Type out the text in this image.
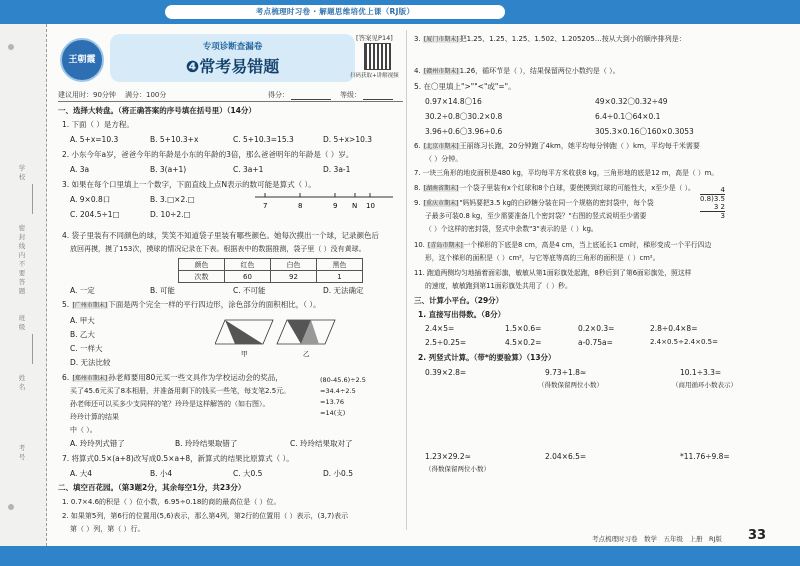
考点梳理时习卷 · 解题思维培优上课（RJ版）
学校
密封线内不要答题
班级
姓名
考号
王朝霞
专项诊断查漏卷
❹常考易错题
[答案见P14]
扫码获取+讲解视频
建议用时：90分钟 满分：100分	得分：	等级：
一、选择大转盘。（将正确答案的序号填在括号里）（14分）
1. 下面（ ）是方程。
A. 5+x=10.3	B. 5+10.3+x	C. 5+10.3=15.3	D. 5+x>10.3
2. 小东今年a岁，爸爸今年的年龄是小东的年龄的3倍，那么爸爸明年的年龄是（ ）岁。
A. 3a	B. 3(a+1)	C. 3a+1	D. 3a-1
3. 如果在每个口里填上一个数字，下面直线上点N表示的数可能是算式（ ）。
7	8	9 N 10
A. 9×0.8口	B. 3.□×2.□
C. 204.5÷1□	D. 10÷2.□
4. 袋子里装有不同颜色的球，笑笑不知道袋子里装有哪些颜色。她每次摸出一个球，记录颜色后
放回再摸，摸了153次，摸球的情况记录在下表。根据表中的数据推测，袋子里（ ）没有黄球。
颜色	红色	白色	黑色
次数	60	92	1
A. 一定	B. 可能	C. 不可能	D. 无法确定
5. [广州市期末]下面是两个完全一样的平行四边形，涂色部分的面积相比，（ ）。
A. 甲大
B. 乙大
C. 一样大
D. 无法比较
甲	乙
6. [郑州市期末]孙老师要用80元买一些文具作为学校运动会的奖品，
买了45.6元买了8本相册，并准备用剩下的钱买一些笔，每支笔2.5元。
孙老师还可以买多少支同样的笔？玲玲是这样解答的（如右图）。
玲玲计算的结果
中（ ）。
(80-45.6)÷2.5
=34.4÷2.5
=13.76
≈14(支)
A. 玲玲列式错了	B. 玲玲结果取错了	C. 玲玲结果取对了
7. 将算式0.5×(a+8)改写成0.5×a+8，新算式的结果比原算式（ ）。
A. 大4	B. 小4	C. 大0.5	D. 小0.5
二、填空百花园。（第3题2分，其余每空1分，共23分）
1. 0.7×4.6的积是（ ）位小数，6.95÷0.18的商的最高位是（ ）位。
2. 如果第5列，第6行的位置用(5,6)表示，那么第4列，第2行的位置用（ ）表示，(3,7)表示
第（ ）列，第（ ）行。
3. [厦门市期末]把1.25、1.25、1.25̇、1.5̇02、1.205205…按从大到小的顺序排列是：
4. [赣州市期末]1.2̇6̇，循环节是（ ），结果保留两位小数约是（ ）。
5. 在〇里填上">""<"或"="。
0.97×14.8〇16	49×0.32〇0.32÷49
30.2÷0.8〇30.2×0.8	6.4÷0.1〇64×0.1
3.96÷0.6〇3.96÷0.6	305.3×0.16〇160×0.3053
6. [北京市期末]王丽练习长跑，20分钟跑了4km，她平均每分钟跑（ ）km，平均每千米需要
（ ）分钟。
7. 一块三角形的地皮面积是480 kg，平均每平方米收获8 kg，三角形地的底是12 m，高是（ ）m。
8. [湖南省期末]一个袋子里装有x个红球和8个白球，要使摸到红球的可能性大，x至少是（ ）。
9. [重庆市期末]"妈妈要把3.5 kg的白砂糖分装在同一个规格的密封袋中，每个袋
子最多可装0.8 kg，至少需要准备几个密封袋？"右图的竖式说明至少需要
（ ）个这样的密封袋，竖式中余数"3"表示的是（ ）kg。
4
0.8)3.5
3 2
3
10. [青岛市期末]一个梯形的下底是8 cm，高是4 cm，当上底延长1 cm时，梯形变成一个平行四边
形，这个梯形的面积是（ ）cm²，与它等底等高的三角形的面积是（ ）cm²。
11. 跑道两侧均匀地插着面彩旗，敏敏从第1面彩旗处起跑，8秒后到了第6面彩旗处，照这样
的速度，敏敏跑到第11面彩旗处共用了（ ）秒。
三、计算小平台。（29分）
1. 直接写出得数。（8分）
2.4×5=	1.5×0.6=	0.2×0.3=	2.8÷0.4×8=
2.5÷0.25=	4.5×0.2=	a-0.75a=	2.4×0.5÷2.4×0.5=
2. 列竖式计算。（带*的要验算）（13分）
0.39×2.8=	9.73÷1.8≈	10.1÷3.3=
（得数保留两位小数）	（商用循环小数表示）
1.23×29.2≈	2.04×6.5=	*11.76÷9.8=
（得数保留两位小数）
考点梳理时习卷　数学　五年级　上册　RJ版 33
